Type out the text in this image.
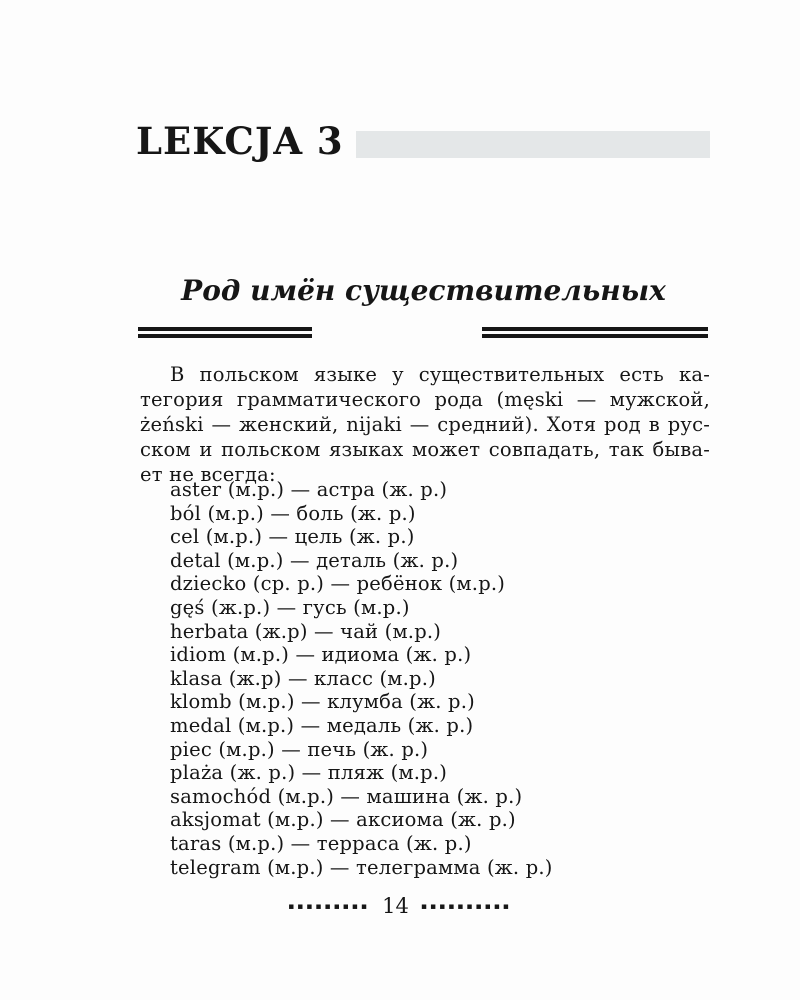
LEKCJA 3
Род имён существительных
В польском языке у существительных есть ка-
тегория грамматического рода (męski — мужской,
żeński — женский, nijaki — средний). Хотя род в рус-
ском и польском языках может совпадать, так быва-
ет не всегда:
aster (м.р.) — астра (ж. р.)
ból (м.р.) — боль (ж. р.)
cel (м.р.) — цель (ж. р.)
detal (м.р.) — деталь (ж. р.)
dziecko (ср. р.) — ребёнок (м.р.)
gęś (ж.р.) — гусь (м.р.)
herbata (ж.р) — чай (м.р.)
idiom (м.р.) — идиома (ж. р.)
klasa (ж.р) — класс (м.р.)
klomb (м.р.) — клумба (ж. р.)
medal (м.р.) — медаль (ж. р.)
piec (м.р.) — печь (ж. р.)
plaża (ж. р.) — пляж (м.р.)
samochód (м.р.) — машина (ж. р.)
aksjomat (м.р.) — аксиома (ж. р.)
taras (м.р.) — терраса (ж. р.)
telegram (м.р.) — телеграмма (ж. р.)
▪▪▪▪▪▪▪▪▪ 14 ▪▪▪▪▪▪▪▪▪▪
